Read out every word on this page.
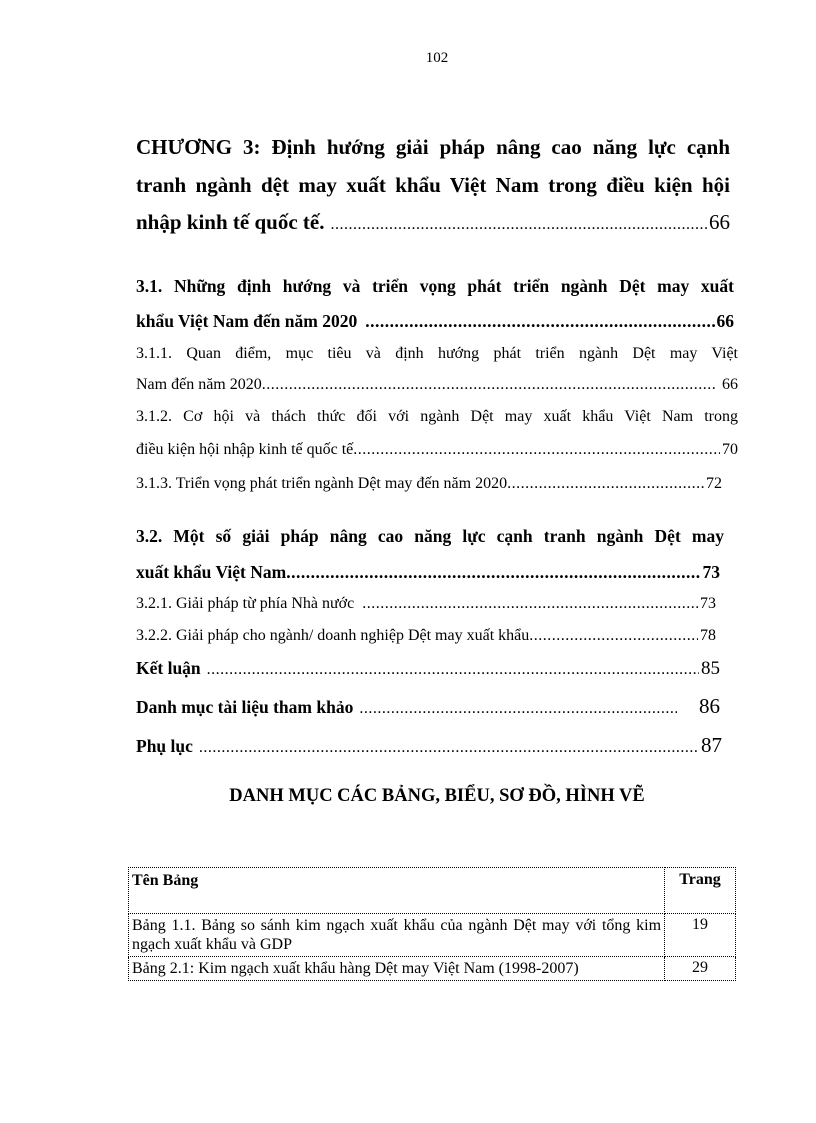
102
CHƯƠNG 3: Định hướng giải pháp nâng cao năng lực cạnh
tranh ngành dệt may xuất khẩu Việt Nam trong điều kiện hội
nhập kinh tế quốc tế. .....	66
3.1. Những định hướng và triển vọng phát triển ngành Dệt may xuất
khẩu Việt Nam đến năm 2020 .....	66
3.1.1. Quan điểm, mục tiêu và định hướng phát triển ngành Dệt may Việt
Nam đến năm 2020 .....	66
3.1.2. Cơ hội và thách thức đối với ngành Dệt may xuất khẩu Việt Nam trong
điều kiện hội nhập kinh tế quốc tế .....	70
3.1.3. Triển vọng phát triển ngành Dệt may đến năm 2020 .....	72
3.2. Một số giải pháp nâng cao năng lực cạnh tranh ngành Dệt may
xuất khẩu Việt Nam .....	73
3.2.1. Giải pháp từ phía Nhà nước .....	73
3.2.2. Giải pháp cho ngành/ doanh nghiệp Dệt may xuất khẩu .....	78
Kết luận .....	85
Danh mục tài liệu tham khảo .....	86
Phụ lục .....	87
DANH MỤC CÁC BẢNG, BIỂU, SƠ ĐỒ, HÌNH VẼ
Tên Bảng	Trang
Bảng 1.1. Bảng so sánh kim ngạch xuất khẩu của ngành Dệt may với tổng kim ngạch xuất khẩu và GDP	19
Bảng 2.1: Kim ngạch xuất khẩu hàng Dệt may Việt Nam (1998-2007)	29
